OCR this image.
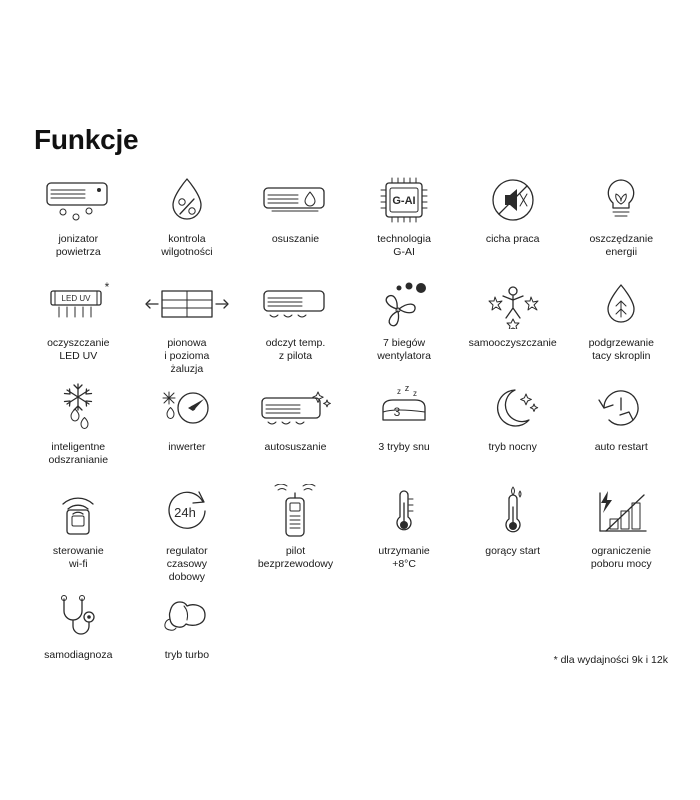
Funkcje
jonizator
powietrza
kontrola
wilgotności
osuszanie
G-AI
technologia
G-AI
cicha praca	oszczędzanie
energii
LED UV
*
oczyszczanie
LED UV
pionowa
i pozioma
żaluzja
odczyt temp.
z pilota
7 biegów
wentylatora
samooczyszczanie	podgrzewanie
tacy skroplin
inteligentne
odszranianie
inwerter	autosuszanie
3
z z
z
3 tryby snu	tryb nocny	auto restart
sterowanie
wi-fi
24h
regulator
czasowy
dobowy
pilot
bezprzewodowy
utrzymanie
+8°C
gorący start	ograniczenie
poboru mocy
samodiagnoza	tryb turbo	* dla wydajności 9k i 12k
